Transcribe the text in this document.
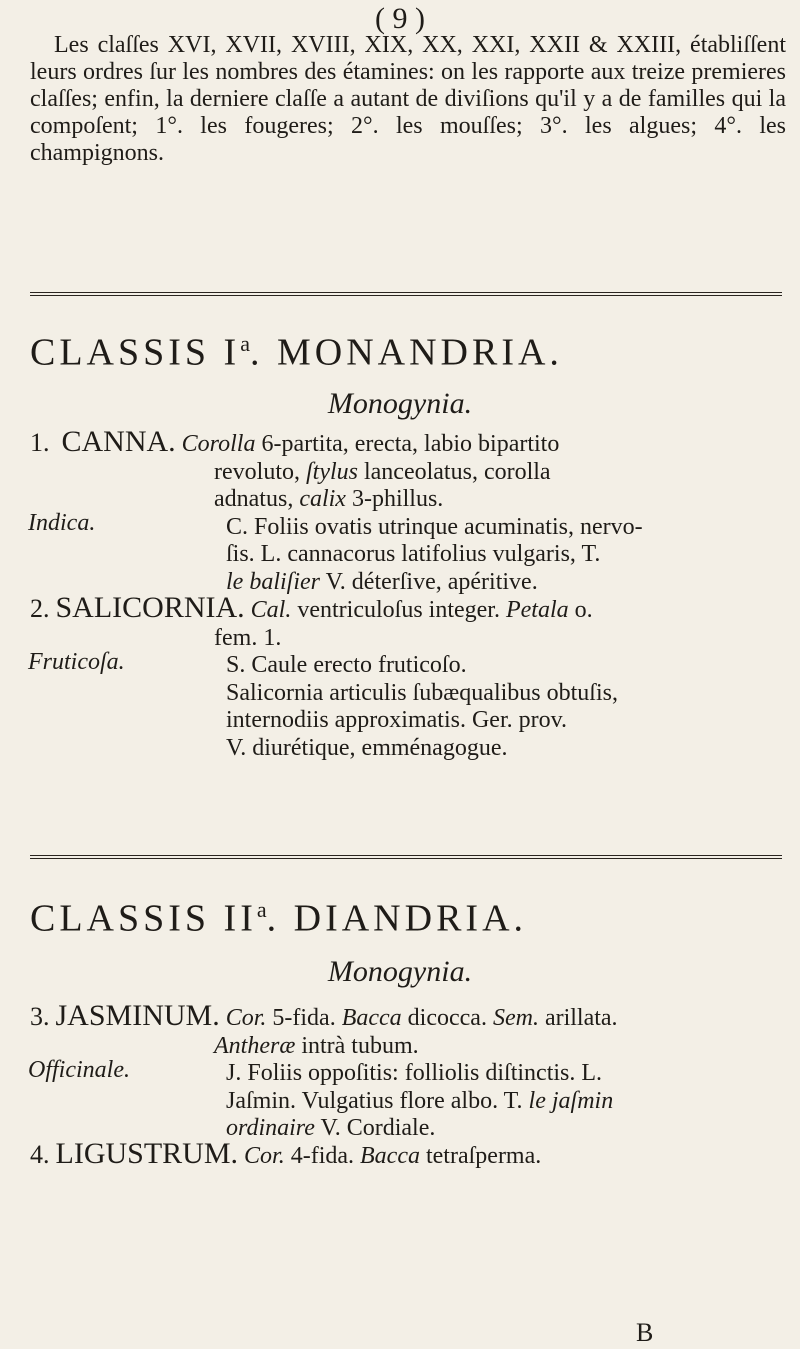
( 9 )

Les claſſes XVI, XVII, XVIII, XIX, XX, XXI, XXII & XXIII, établiſſent leurs ordres ſur les nombres des étamines: on les rapporte aux treize premieres claſſes; enfin, la derniere claſſe a autant de diviſions qu'il y a de familles qui la compoſent; 1°. les fougeres; 2°. les mouſſes; 3°. les algues; 4°. les champignons.

CLASSIS $I^a$. MONANDRIA.
Monogynia.
1. CANNA. Corolla 6-partita, erecta, labio bipartito
revoluto, ſtylus lanceolatus, corolla
adnatus, calix 3-phillus.
C. Foliis ovatis utrinque acuminatis, nervo-
ſis. L. cannacorus latifolius vulgaris, T.
le baliſier V. déterſive, apéritive.
Indica.
2. SALICORNIA. Cal. ventriculoſus integer. Petala o.
fem. 1.
S. Caule erecto fruticoſo.
Salicornia articulis ſubæqualibus obtuſis,
internodiis approximatis. Ger. prov.
V. diurétique, emménagogue.
Fruticoſa.
CLASSIS $II^a$. DIANDRIA.
Monogynia.
3. JASMINUM. Cor. 5-fida. Bacca dicocca. Sem. arillata.
Antheræ intrà tubum.
J. Foliis oppoſitis: folliolis diſtinctis. L.
Jaſmin. Vulgatius flore albo. T. le jaſmin
ordinaire V. Cordiale.
Officinale.
4. LIGUSTRUM. Cor. 4-fida. Bacca tetraſperma.
B
